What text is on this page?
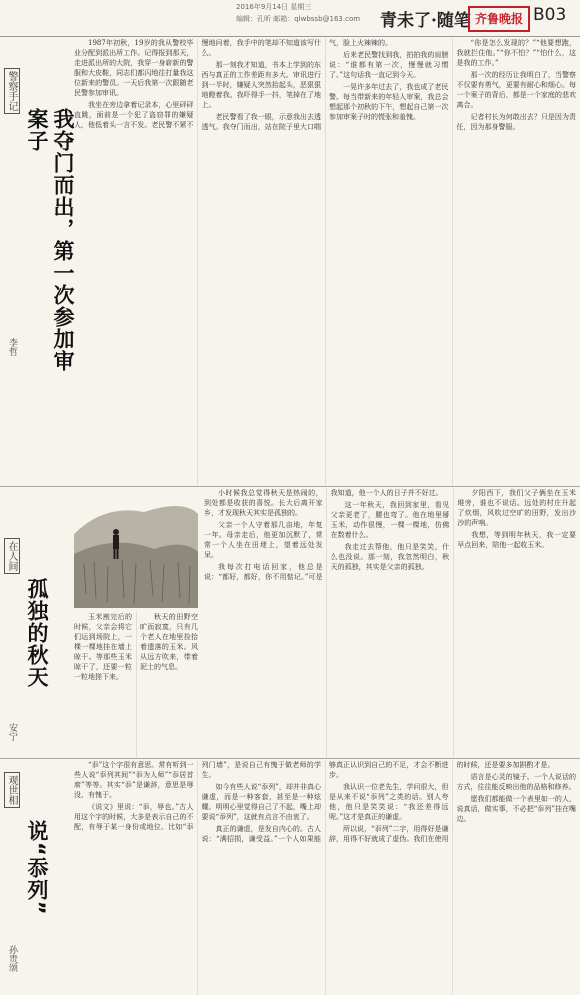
2016年9月14日 星期三
编辑：孔昕 邮箱：qlwbssb@163.com 青未了·随笔 齐鲁晚报 B03
警察手记
我夺门而出，第一次参加审案子
李哲

1987年初秋，19岁的我从警校毕业分配到派出所工作。记得报到那天，走进派出所的大院，我穿一身崭新的警服和大皮鞋，同志们都闪地往打量我这位新来的警员。一天后我第一次跟随老民警参加审讯。

我坐在旁边拿着记录本，心里砰砰直跳，面前是一个犯了盗窃罪的嫌疑人，他低着头一言不发。老民警不紧不慢地问着，我手中的笔却不知道该写什么。

那一刻我才知道，书本上学到的东西与真正的工作差距有多大。审讯进行到一半时，嫌疑人突然抬起头，恶狠狠地瞪着我。我吓得手一抖，笔掉在了地上。

老民警看了我一眼，示意我出去透透气。我夺门而出，站在院子里大口喘气，脸上火辣辣的。

后来老民警找到我，拍拍我的肩膀说：“谁都有第一次，慢慢就习惯了。”这句话我一直记到今天。

一晃许多年过去了，我也成了老民警。每当带新来的年轻人审案，我总会想起那个初秋的下午，想起自己第一次参加审案子时的慌张和羞愧。

“你是怎么发现的？”“他要想跑，我就拦住他。”“你不怕？”“怕什么，这是我的工作。”

那一次的经历让我明白了，当警察不仅要有勇气，更要有耐心和细心。每一个案子的背后，都是一个家庭的悲欢离合。

记者村长为何敢出去？只是因为责任，因为那身警服。

在人间
孤独的秋天
安宁

玉米割完后的时候，父亲会将它们运到场院上，一棵一棵地挂在墙上晾干。等那些玉米晾干了，还要一粒一粒地搓下来。

秋天的田野空旷而寂寞，只有几个老人在地里捡拾着遗落的玉米。风从远方吹来，带着泥土的气息。

小时候我总觉得秋天是热闹的，到处都是收获的喜悦。长大后离开家乡，才发现秋天其实是孤独的。

父亲一个人守着那几亩地，年复一年。母亲走后，他更加沉默了，常常一个人坐在田埂上，望着远处发呆。

我每次打电话回家，他总是说：“都好，都好，你不用惦记。”可是我知道，他一个人的日子并不好过。

这一年秋天，我回到家里，看见父亲更老了，腰也弯了。他在地里掰玉米，动作很慢，一棵一棵地，仿佛在数着什么。

我走过去帮他，他只是笑笑，什么也没说。那一刻，我忽然明白，秋天的孤独，其实是父亲的孤独。

夕阳西下，我们父子俩坐在玉米堆旁，谁也不说话。远处的村庄升起了炊烟，风吹过空旷的田野，发出沙沙的声响。

我想，等到明年秋天，我一定要早点回来，陪他一起收玉米。

观世相
说“忝列”
孙贵颂

“忝”这个字很有意思。常有听到一些人说“忝列其间”“忝为人师”“忝居首席”等等。其实“忝”是谦辞，意思是辱没、有愧于。

《说文》里说：“忝，辱也。”古人用这个字的时候，大多是表示自己的不配，有辱于某一身份或地位。比如“忝列门墙”，是说自己有愧于做老师的学生。

如今有些人说“忝列”，却并非真心谦虚，而是一种客套，甚至是一种炫耀。明明心里觉得自己了不起，嘴上却要说“忝列”，这就有点言不由衷了。

真正的谦虚，是发自内心的。古人说：“满招损，谦受益。”一个人如果能够真正认识到自己的不足，才会不断进步。

我认识一位老先生，学问很大，但是从来不说“忝列”之类的话。别人夸他，他只是笑笑说：“我还差得远呢。”这才是真正的谦虚。

所以说，“忝列”二字，用得好是谦辞，用得不好就成了虚伪。我们在使用的时候，还是要多加斟酌才是。

语言是心灵的镜子。一个人说话的方式，往往能反映出他的品格和修养。

愿我们都能做一个表里如一的人，说真话，做实事，不必把“忝列”挂在嘴边。
